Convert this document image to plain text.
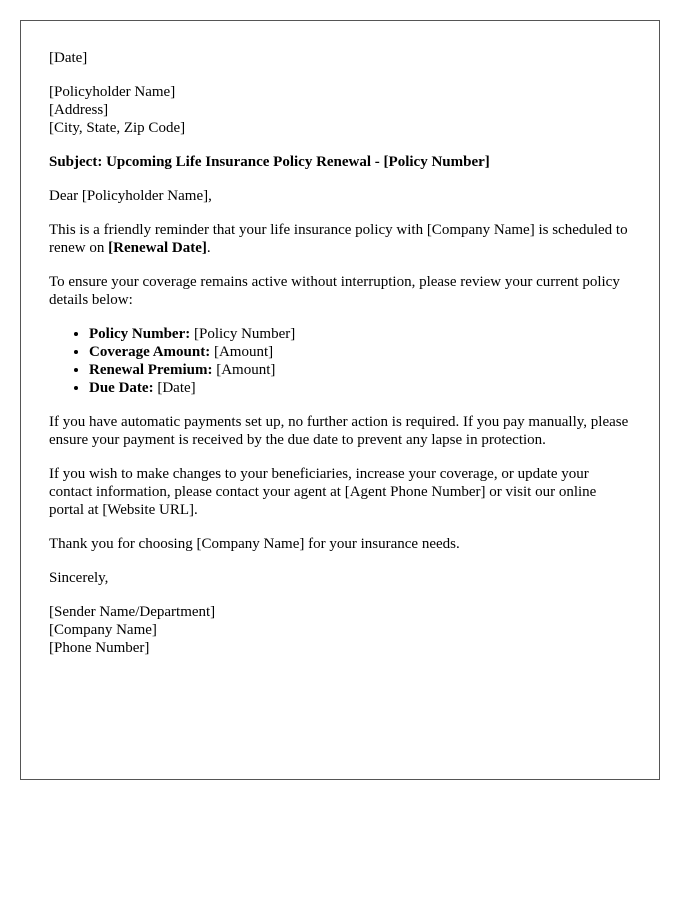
[Date]

[Policyholder Name]

[Address]

[City, State, Zip Code]

Subject: Upcoming Life Insurance Policy Renewal - [Policy Number]

Dear [Policyholder Name],

This is a friendly reminder that your life insurance policy with [Company Name] is scheduled to renew on [Renewal Date].

To ensure your coverage remains active without interruption, please review your current policy details below:

• Policy Number: [Policy Number]
• Coverage Amount: [Amount]
• Renewal Premium: [Amount]
• Due Date: [Date]

If you have automatic payments set up, no further action is required. If you pay manually, please ensure your payment is received by the due date to prevent any lapse in protection.

If you wish to make changes to your beneficiaries, increase your coverage, or update your contact information, please contact your agent at [Agent Phone Number] or visit our online portal at [Website URL].

Thank you for choosing [Company Name] for your insurance needs.

Sincerely,

[Sender Name/Department]

[Company Name]

[Phone Number]
